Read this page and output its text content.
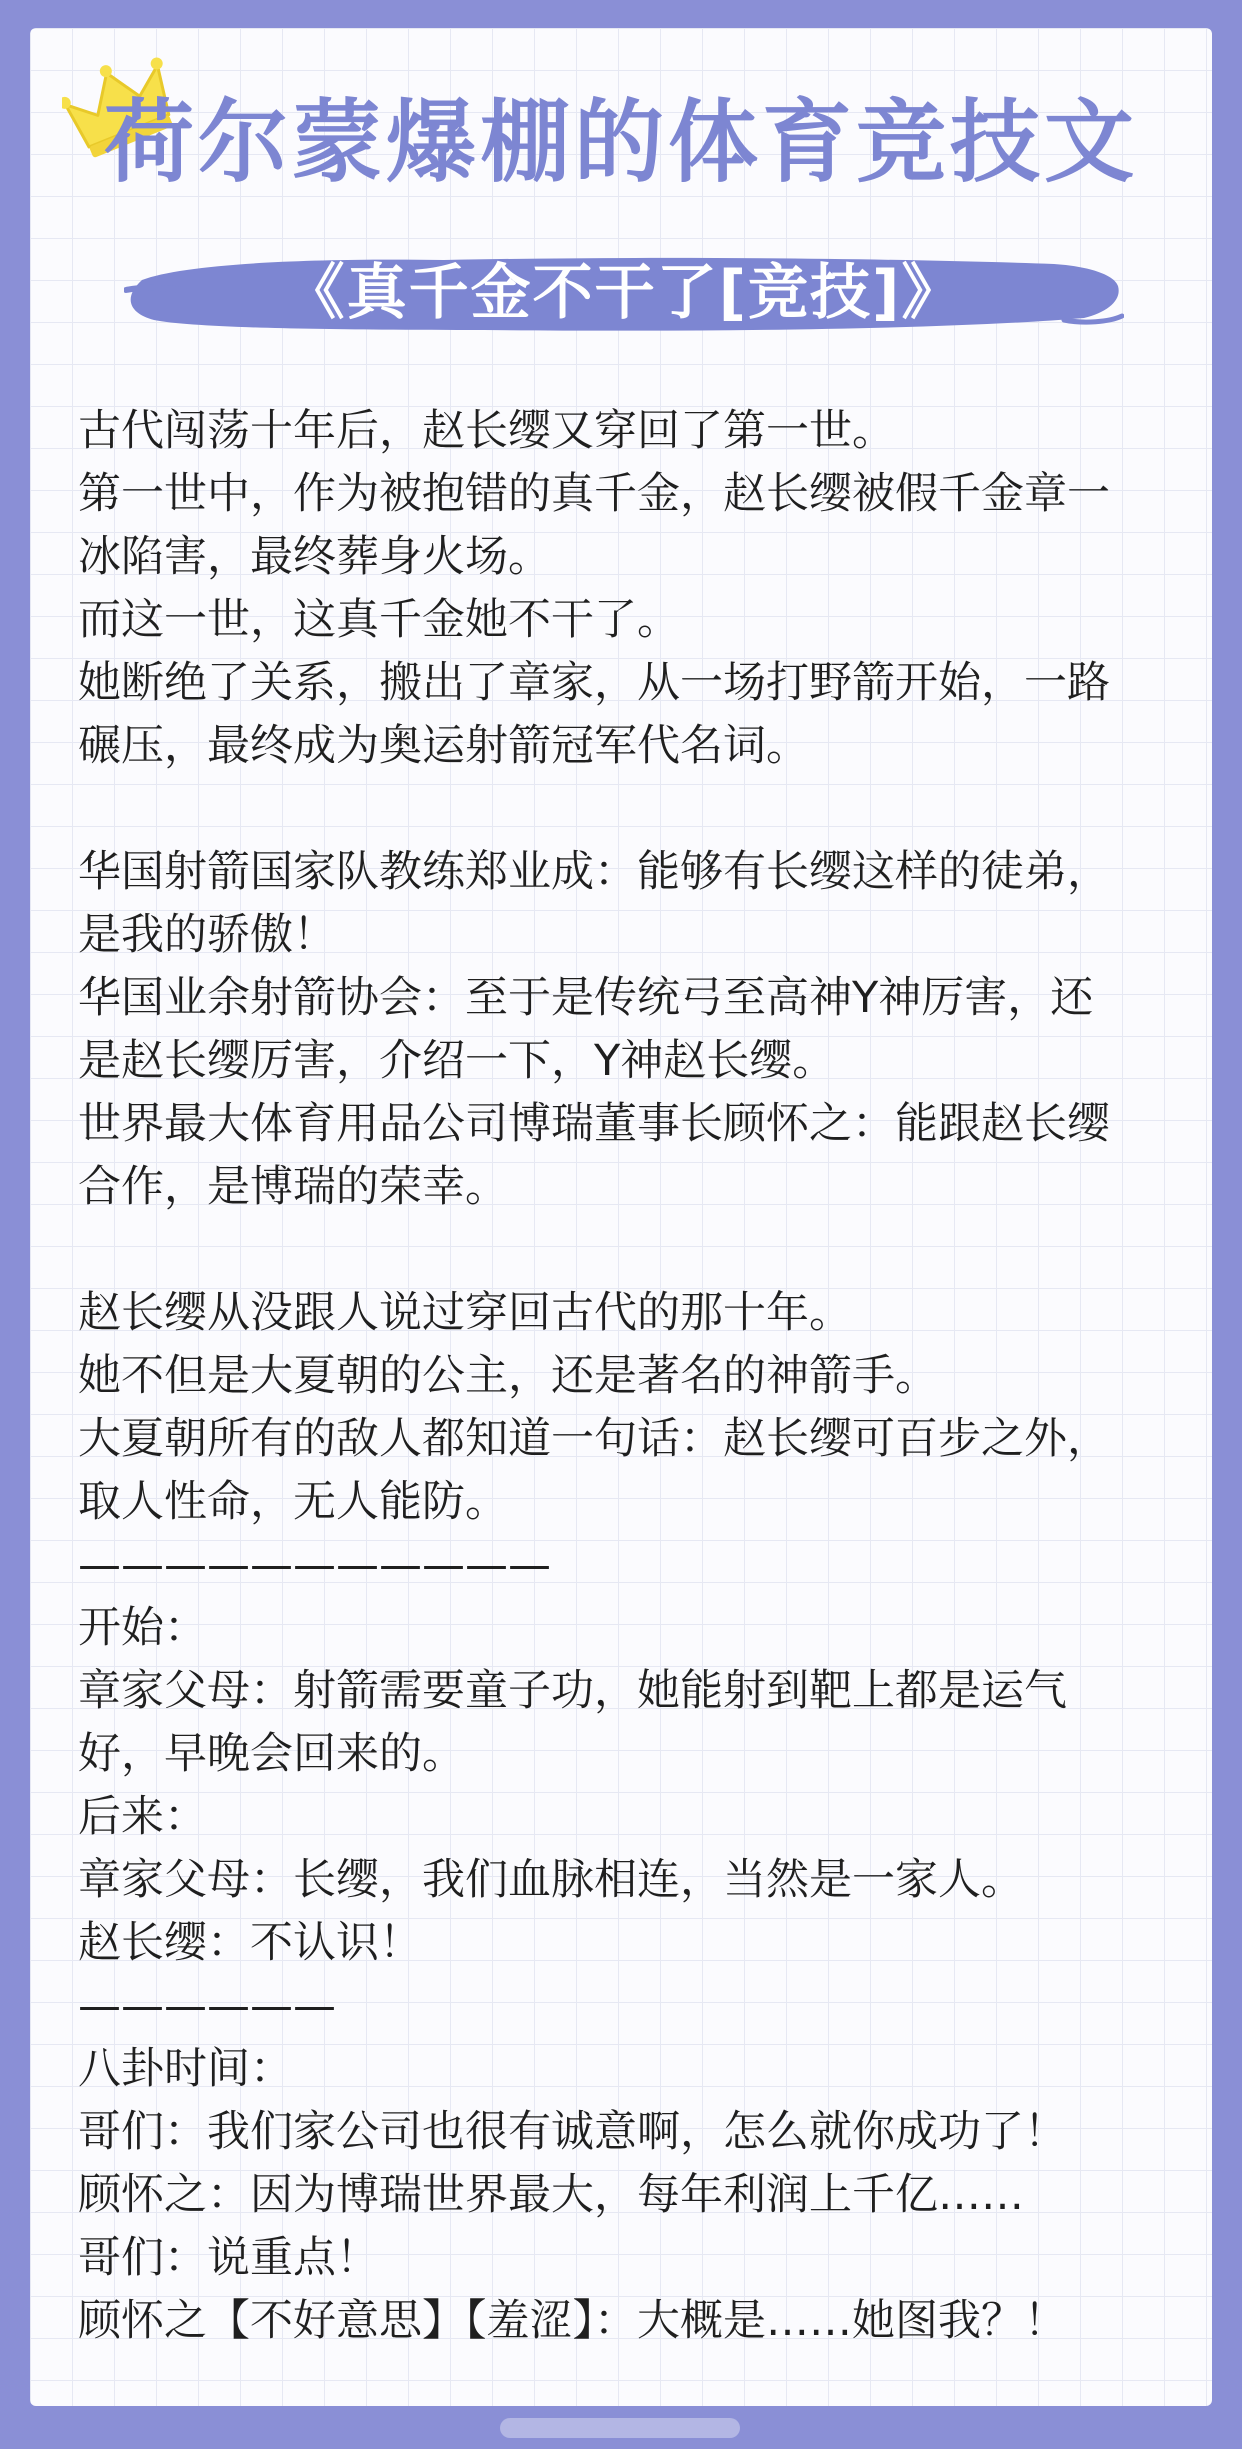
荷尔蒙爆棚的体育竞技文
《真千金不干了[竞技]》
古代闯荡十年后，赵长缨又穿回了第一世。
第一世中，作为被抱错的真千金，赵长缨被假千金章一
冰陷害，最终葬身火场。
而这一世，这真千金她不干了。
她断绝了关系，搬出了章家，从一场打野箭开始，一路
碾压，最终成为奥运射箭冠军代名词。
华国射箭国家队教练郑业成：能够有长缨这样的徒弟，
是我的骄傲！
华国业余射箭协会：至于是传统弓至高神Y神厉害，还
是赵长缨厉害，介绍一下，Y神赵长缨。
世界最大体育用品公司博瑞董事长顾怀之：能跟赵长缨
合作，是博瑞的荣幸。
赵长缨从没跟人说过穿回古代的那十年。
她不但是大夏朝的公主，还是著名的神箭手。
大夏朝所有的敌人都知道一句话：赵长缨可百步之外，
取人性命，无人能防。
———————————
开始：
章家父母：射箭需要童子功，她能射到靶上都是运气
好，早晚会回来的。
后来：
章家父母：长缨，我们血脉相连，当然是一家人。
赵长缨：不认识！
——————
八卦时间：
哥们：我们家公司也很有诚意啊，怎么就你成功了！
顾怀之：因为博瑞世界最大，每年利润上千亿……
哥们：说重点！
顾怀之【不好意思】【羞涩】：大概是……她图我？！
